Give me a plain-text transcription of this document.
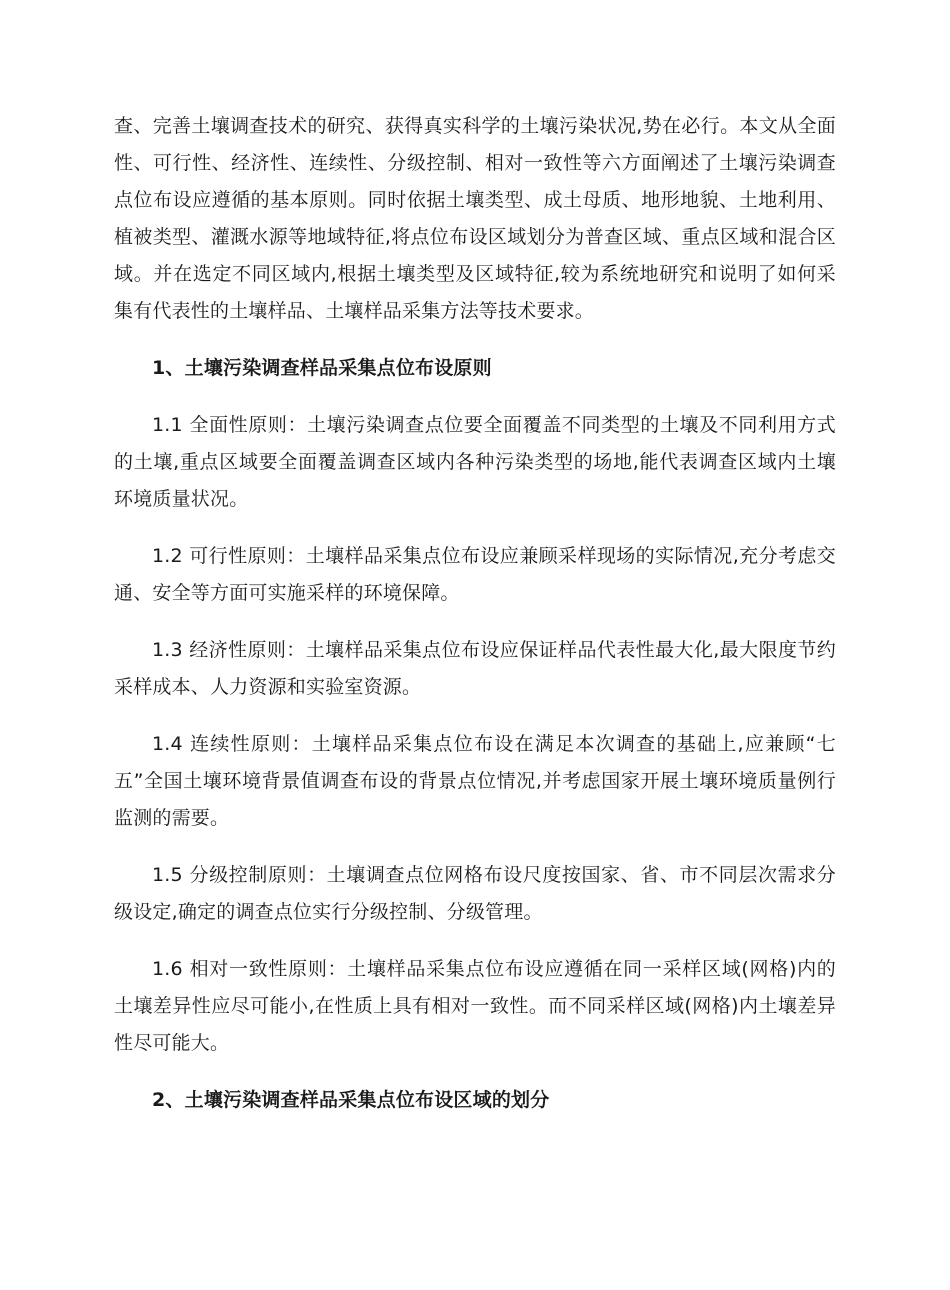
查、完善土壤调查技术的研究、获得真实科学的土壤污染状况,势在必行。本文从全面性、可行性、经济性、连续性、分级控制、相对一致性等六方面阐述了土壤污染调查点位布设应遵循的基本原则。同时依据土壤类型、成土母质、地形地貌、土地利用、植被类型、灌溉水源等地域特征,将点位布设区域划分为普查区域、重点区域和混合区域。并在选定不同区域内,根据土壤类型及区域特征,较为系统地研究和说明了如何采集有代表性的土壤样品、土壤样品采集方法等技术要求。

1、土壤污染调查样品采集点位布设原则

1.1 全面性原则：土壤污染调查点位要全面覆盖不同类型的土壤及不同利用方式的土壤,重点区域要全面覆盖调查区域内各种污染类型的场地,能代表调查区域内土壤环境质量状况。

1.2 可行性原则：土壤样品采集点位布设应兼顾采样现场的实际情况,充分考虑交通、安全等方面可实施采样的环境保障。

1.3 经济性原则：土壤样品采集点位布设应保证样品代表性最大化,最大限度节约采样成本、人力资源和实验室资源。

1.4 连续性原则：土壤样品采集点位布设在满足本次调查的基础上,应兼顾“七五”全国土壤环境背景值调查布设的背景点位情况,并考虑国家开展土壤环境质量例行监测的需要。

1.5 分级控制原则：土壤调查点位网格布设尺度按国家、省、市不同层次需求分级设定,确定的调查点位实行分级控制、分级管理。

1.6 相对一致性原则：土壤样品采集点位布设应遵循在同一采样区域(网格)内的土壤差异性应尽可能小,在性质上具有相对一致性。而不同采样区域(网格)内土壤差异性尽可能大。

2、土壤污染调查样品采集点位布设区域的划分
